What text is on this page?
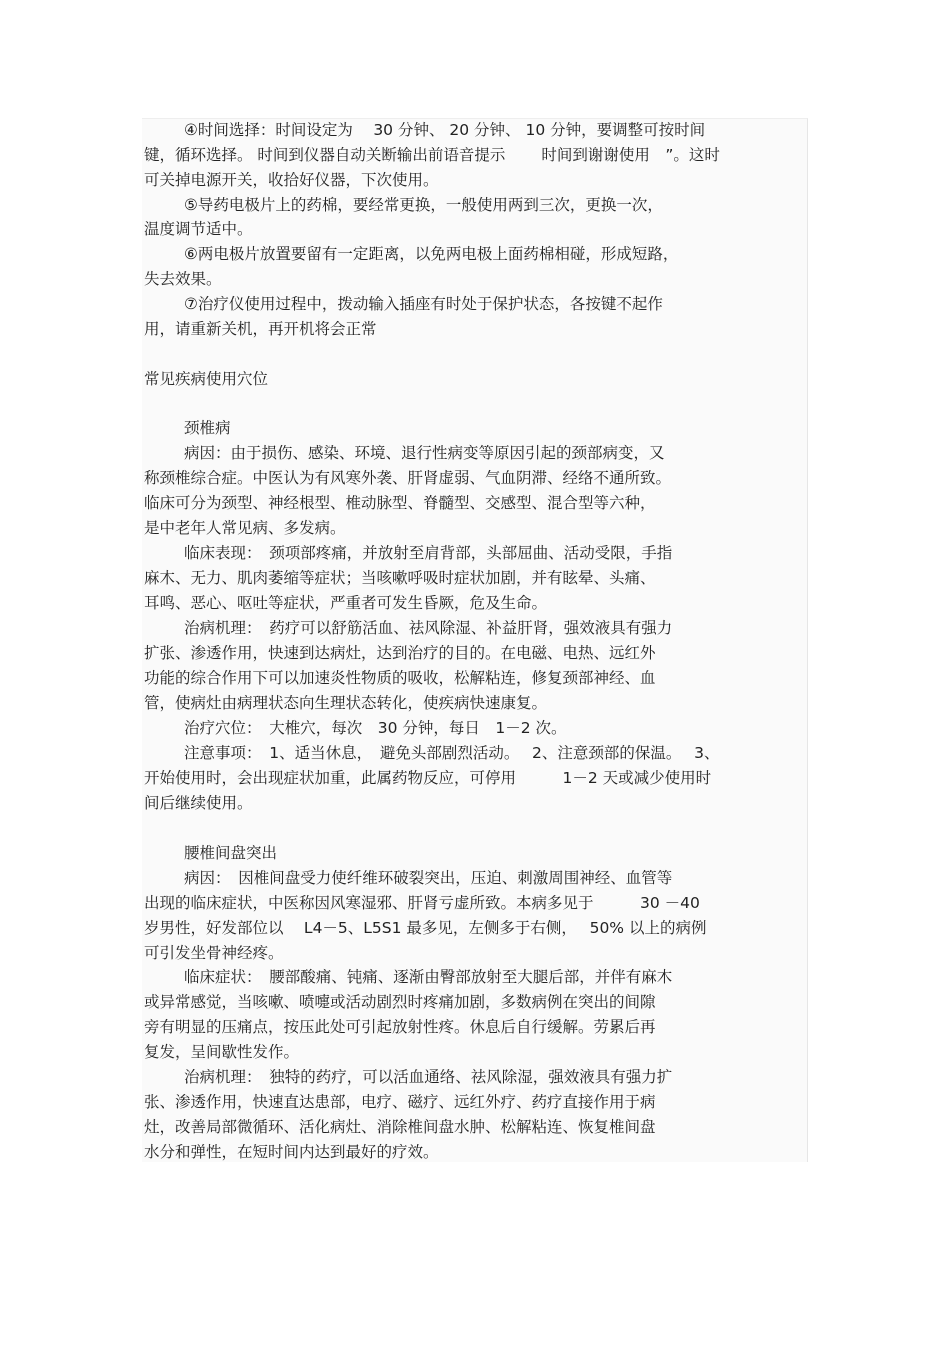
④时间选择：时间设定为　 30 分钟、 20 分钟、 10 分钟，要调整可按时间
键，循环选择。 时间到仪器自动关断输出前语音提示　　 时间到谢谢使用　”。这时
可关掉电源开关，收拾好仪器，下次使用。
⑤导药电极片上的药棉，要经常更换，一般使用两到三次，更换一次，
温度调节适中。
⑥两电极片放置要留有一定距离，以免两电极上面药棉相碰，形成短路，
失去效果。
⑦治疗仪使用过程中，拨动输入插座有时处于保护状态，各按键不起作
用，请重新关机，再开机将会正常
常见疾病使用穴位
颈椎病
病因：由于损伤、感染、环境、退行性病变等原因引起的颈部病变，又
称颈椎综合症。中医认为有风寒外袭、肝肾虚弱、气血阴滞、经络不通所致。
临床可分为颈型、神经根型、椎动脉型、脊髓型、交感型、混合型等六种，
是中老年人常见病、多发病。
临床表现：　颈项部疼痛，并放射至肩背部，头部屈曲、活动受限，手指
麻木、无力、肌肉萎缩等症状；当咳嗽呼吸时症状加剧，并有眩晕、头痛、
耳鸣、恶心、呕吐等症状，严重者可发生昏厥，危及生命。
治病机理：　药疗可以舒筋活血、祛风除湿、补益肝肾，强效液具有强力
扩张、渗透作用，快速到达病灶，达到治疗的目的。在电磁、电热、远红外
功能的综合作用下可以加速炎性物质的吸收，松解粘连，修复颈部神经、血
管，使病灶由病理状态向生理状态转化，使疾病快速康复。
治疗穴位：　大椎穴，每次　30 分钟，每日　1－2 次。
注意事项：　1、适当休息，　避免头部剧烈活动。　 2、注意颈部的保温。　 3、
开始使用时，会出现症状加重，此属药物反应，可停用　　　1－2 天或减少使用时
间后继续使用。
腰椎间盘突出
病因：　因椎间盘受力使纤维环破裂突出，压迫、刺激周围神经、血管等
出现的临床症状，中医称因风寒湿邪、肝肾亏虚所致。本病多见于　　　30 －40
岁男性，好发部位以　 L4－5、L5S1 最多见，左侧多于右侧，　 50% 以上的病例
可引发坐骨神经疼。
临床症状：　腰部酸痛、钝痛、逐渐由臀部放射至大腿后部，并伴有麻木
或异常感觉，当咳嗽、喷嚏或活动剧烈时疼痛加剧，多数病例在突出的间隙
旁有明显的压痛点，按压此处可引起放射性疼。休息后自行缓解。劳累后再
复发，呈间歇性发作。
治病机理：　独特的药疗，可以活血通络、祛风除湿，强效液具有强力扩
张、渗透作用，快速直达患部，电疗、磁疗、远红外疗、药疗直接作用于病
灶，改善局部微循环、活化病灶、消除椎间盘水肿、松解粘连、恢复椎间盘
水分和弹性，在短时间内达到最好的疗效。
